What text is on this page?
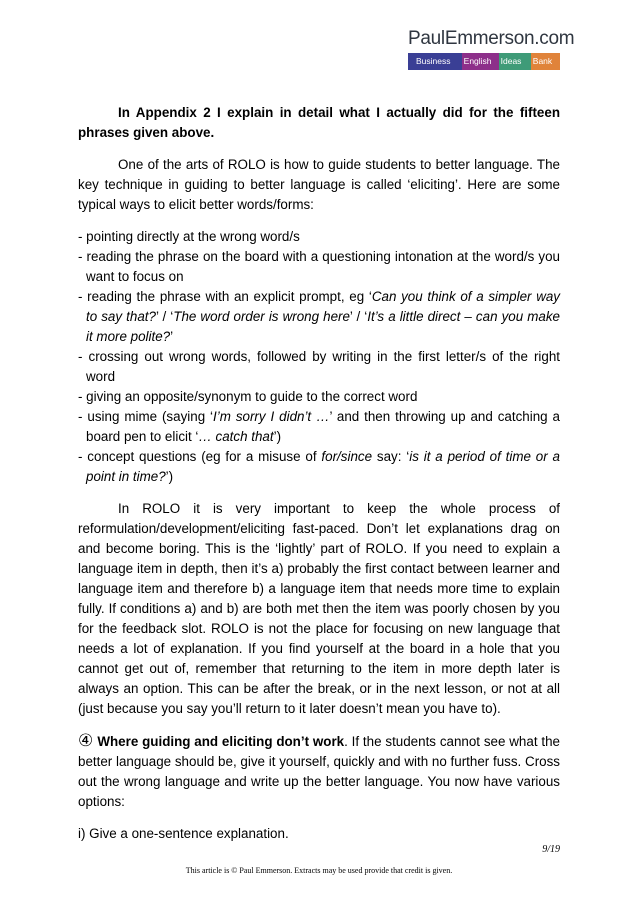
PaulEmmerson.com
Business	English	Ideas	Bank

In Appendix 2 I explain in detail what I actually did for the fifteen phrases given above.

One of the arts of ROLO is how to guide students to better language. The key technique in guiding to better language is called ‘eliciting’. Here are some typical ways to elicit better words/forms:

- pointing directly at the wrong word/s
- reading the phrase on the board with a questioning intonation at the word/s you want to focus on
- reading the phrase with an explicit prompt, eg ‘Can you think of a simpler way to say that?’ / ‘The word order is wrong here’ / ‘It’s a little direct – can you make it more polite?’
- crossing out wrong words, followed by writing in the first letter/s of the right word
- giving an opposite/synonym to guide to the correct word
- using mime (saying ‘I’m sorry I didn’t …’ and then throwing up and catching a board pen to elicit ‘… catch that’)
- concept questions (eg for a misuse of for/since say: ‘is it a period of time or a point in time?’)

In ROLO it is very important to keep the whole process of reformulation/development/eliciting fast-paced. Don’t let explanations drag on and become boring. This is the ‘lightly’ part of ROLO. If you need to explain a language item in depth, then it’s a) probably the first contact between learner and language item and therefore b) a language item that needs more time to explain fully. If conditions a) and b) are both met then the item was poorly chosen by you for the feedback slot. ROLO is not the place for focusing on new language that needs a lot of explanation. If you find yourself at the board in a hole that you cannot get out of, remember that returning to the item in more depth later is always an option. This can be after the break, or in the next lesson, or not at all (just because you say you’ll return to it later doesn’t mean you have to).

④ Where guiding and eliciting don’t work. If the students cannot see what the better language should be, give it yourself, quickly and with no further fuss. Cross out the wrong language and write up the better language. You now have various options:

i) Give a one-sentence explanation.

9/19
This article is © Paul Emmerson. Extracts may be used provide that credit is given.
